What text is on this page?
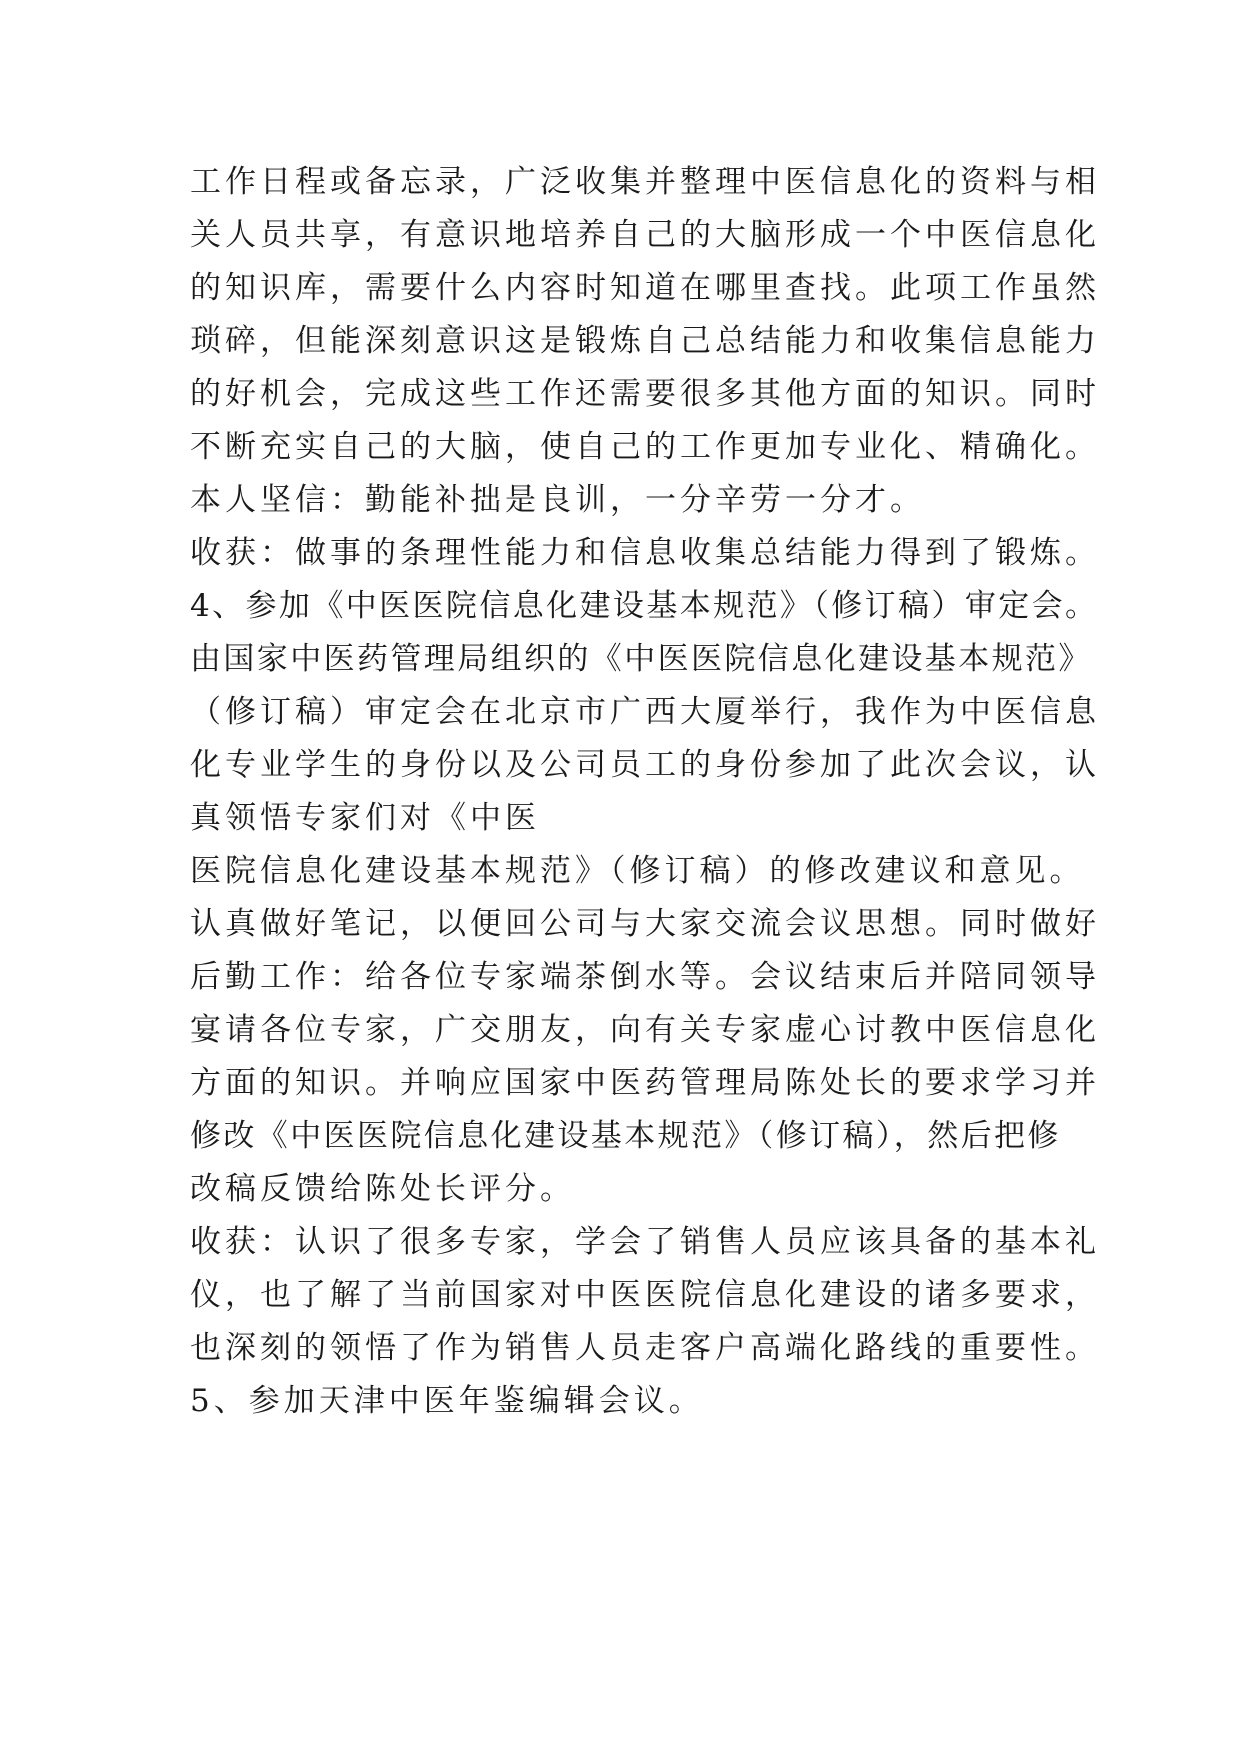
工作日程或备忘录，广泛收集并整理中医信息化的资料与相
关人员共享，有意识地培养自己的大脑形成一个中医信息化
的知识库，需要什么内容时知道在哪里查找。此项工作虽然
琐碎，但能深刻意识这是锻炼自己总结能力和收集信息能力
的好机会，完成这些工作还需要很多其他方面的知识。同时
不断充实自己的大脑，使自己的工作更加专业化、精确化。
本人坚信：勤能补拙是良训，一分辛劳一分才。
收获：做事的条理性能力和信息收集总结能力得到了锻炼。
4、参加《中医医院信息化建设基本规范》（修订稿）审定会。
由国家中医药管理局组织的《中医医院信息化建设基本规范》
（修订稿）审定会在北京市广西大厦举行，我作为中医信息
化专业学生的身份以及公司员工的身份参加了此次会议，认
真领悟专家们对《中医
医院信息化建设基本规范》（修订稿）的修改建议和意见。
认真做好笔记，以便回公司与大家交流会议思想。同时做好
后勤工作：给各位专家端茶倒水等。会议结束后并陪同领导
宴请各位专家，广交朋友，向有关专家虚心讨教中医信息化
方面的知识。并响应国家中医药管理局陈处长的要求学习并
修改《中医医院信息化建设基本规范》（修订稿），然后把修
改稿反馈给陈处长评分。
收获：认识了很多专家，学会了销售人员应该具备的基本礼
仪，也了解了当前国家对中医医院信息化建设的诸多要求，
也深刻的领悟了作为销售人员走客户高端化路线的重要性。
5、参加天津中医年鉴编辑会议。
